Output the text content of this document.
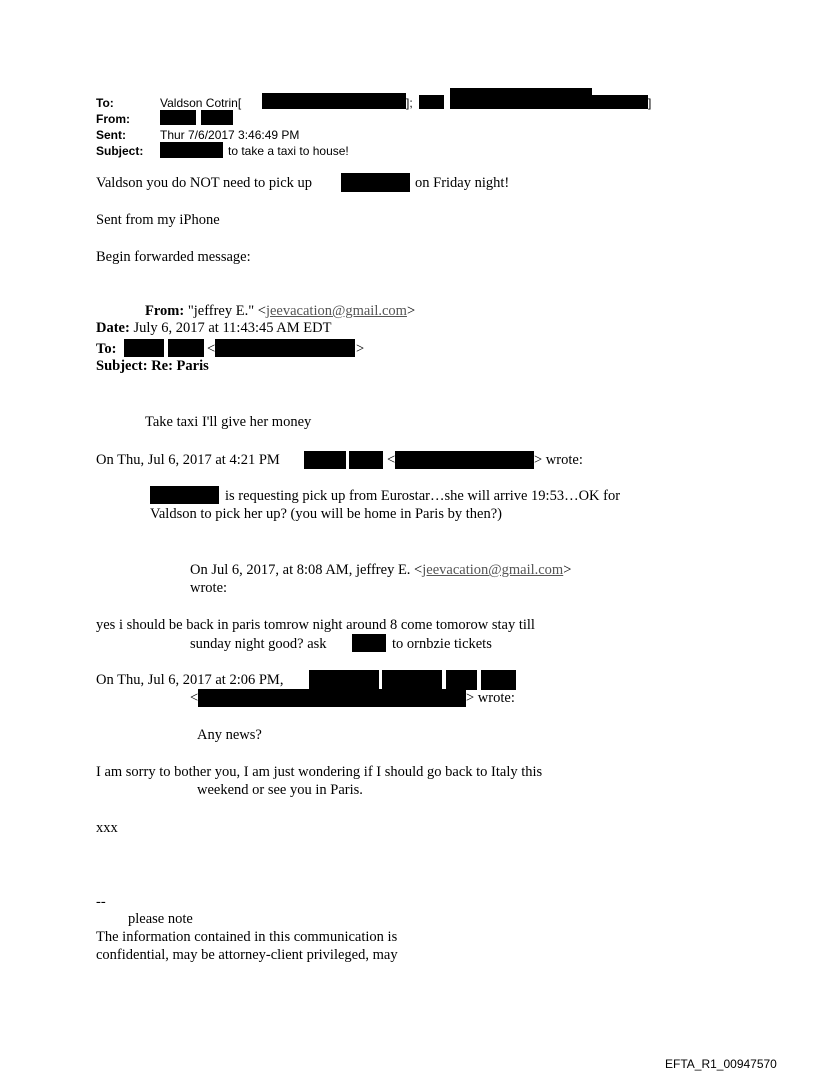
To:	Valdson Cotrin[	];	]
From:
Sent:	Thur 7/6/2017 3:46:49 PM
Subject:	to take a taxi to house!
Valdson you do NOT need to pick up	on Friday night!
Sent from my iPhone
Begin forwarded message:
From: "jeffrey E." <jeevacation@gmail.com>
Date: July 6, 2017 at 11:43:45 AM EDT
To:	<	>
Subject: Re: Paris
Take taxi I'll give her money
On Thu, Jul 6, 2017 at 4:21 PM	<	> wrote:
is requesting pick up from Eurostar…she will arrive 19:53…OK for
Valdson to pick her up? (you will be home in Paris by then?)
On Jul 6, 2017, at 8:08 AM, jeffrey E. <jeevacation@gmail.com>
wrote:
yes i should be back in paris tomrow night around 8 come tomorow stay till
sunday night good? ask	to ornbzie tickets
On Thu, Jul 6, 2017 at 2:06 PM,
<	> wrote:
Any news?
I am sorry to bother you, I am just wondering if I should go back to Italy this
weekend or see you in Paris.
xxx
--
please note
The information contained in this communication is
confidential, may be attorney-client privileged, may
EFTA_R1_00947570
